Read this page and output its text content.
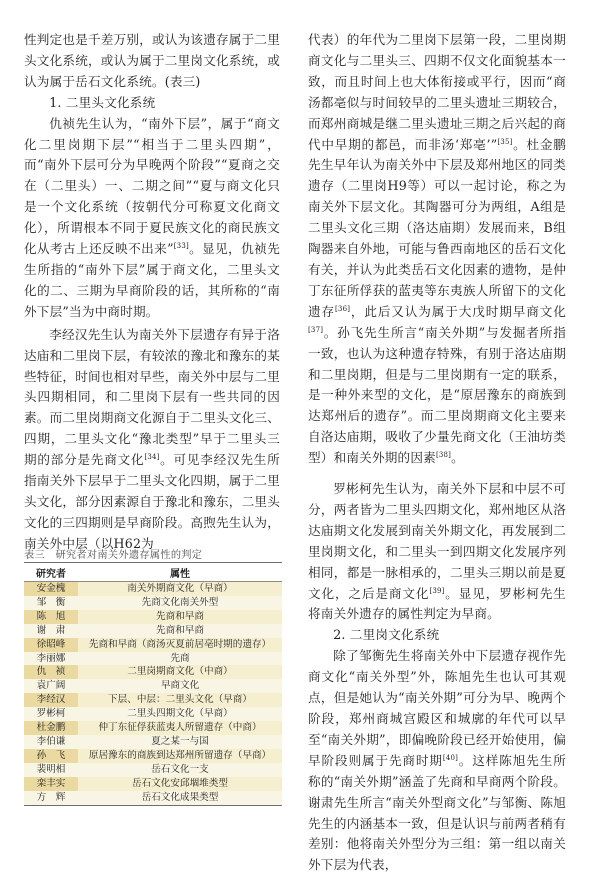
性判定也是千差万别，或认为该遗存属于二里头文化系统，或认为属于二里岗文化系统，或认为属于岳石文化系统。(表三)

1. 二里头文化系统

仇祯先生认为，“南外下层”，属于“商文化二里岗期下层”“相当于二里头四期”，而“南外下层可分为早晚两个阶段”“夏商之交在（二里头）一、二期之间”“夏与商文化只是一个文化系统（按朝代分可称夏文化商文化），所谓根本不同于夏民族文化的商民族文化从考古上还反映不出来”[33]。显见，仇祯先生所指的“南外下层”属于商文化，二里头文化的二、三期为早商阶段的话，其所称的“南外下层”当为中商时期。

李经汉先生认为南关外下层遗存有异于洛达庙和二里岗下层，有较浓的豫北和豫东的某些特征，时间也相对早些，南关外中层与二里头四期相同，和二里岗下层有一些共同的因素。而二里岗期商文化源自于二里头文化三、四期，二里头文化“豫北类型”早于二里头三期的部分是先商文化[34]。可见李经汉先生所指南关外下层早于二里头文化四期，属于二里头文化，部分因素源自于豫北和豫东，二里头文化的三四期则是早商阶段。高煦先生认为，南关外中层（以H62为

表三　研究者对南关外遗存属性的判定
研究者	属性
安金槐	南关外期商文化（早商）
邹　衡	先商文化南关外型
陈　旭	先商和早商
谢　肃	先商和早商
徐昭峰	先商和早商（商汤灭夏前居亳时期的遗存）
李丽娜	先商
仇　祯	二里岗期商文化（中商）
袁广阔	早商文化
李经汉	下层、中层：二里头文化（早商）
罗彬柯	二里头四期文化（早商）
杜金鹏	仲丁东征俘获蓝夷人所留遗存（中商）
李伯谦	夏之某一与国
孙　飞	原居豫东的商族到达郑州所留遗存（早商）
裴明相	岳石文化一支
栾丰实	岳石文化安邱堌堆类型
方　辉	岳石文化成果类型

代表）的年代为二里岗下层第一段，二里岗期商文化与二里头三、四期不仅文化面貌基本一致，而且时间上也大体衔接或平行，因而“商汤都亳似与时间较早的二里头遗址三期较合，而郑州商城是继二里头遗址三期之后兴起的商代中早期的都邑，而非汤‘郑亳’”[35]。杜金鹏先生早年认为南关外中下层及郑州地区的同类遗存（二里岗H9等）可以一起讨论，称之为南关外下层文化。其陶器可分为两组，A组是二里头文化三期（洛达庙期）发展而来，B组陶器来自外地，可能与鲁西南地区的岳石文化有关，并认为此类岳石文化因素的遗物，是仲丁东征所俘获的蓝夷等东夷族人所留下的文化遗存[36]，此后又认为属于大戊时期早商文化[37]。孙飞先生所言“南关外期”与发掘者所指一致，也认为这种遗存特殊，有别于洛达庙期和二里岗期，但是与二里岗期有一定的联系，是一种外来型的文化，是“原居豫东的商族到达郑州后的遗存”。而二里岗期商文化主要来自洛达庙期，吸收了少量先商文化（王油坊类型）和南关外期的因素[38]。

罗彬柯先生认为，南关外下层和中层不可分，两者皆为二里头四期文化，郑州地区从洛达庙期文化发展到南关外期文化，再发展到二里岗期文化，和二里头一到四期文化发展序列相同，都是一脉相承的，二里头三期以前是夏文化，之后是商文化[39]。显见，罗彬柯先生将南关外遗存的属性判定为早商。

2. 二里岗文化系统

除了邹衡先生将南关外中下层遗存视作先商文化“南关外型”外，陈旭先生也认可其观点，但是她认为“南关外期”可分为早、晚两个阶段，郑州商城宫殿区和城廓的年代可以早至“南关外期”，即偏晚阶段已经开始使用，偏早阶段则属于先商时期[40]。这样陈旭先生所称的“南关外期”涵盖了先商和早商两个阶段。谢肃先生所言“南关外型商文化”与邹衡、陈旭先生的内涵基本一致，但是认识与前两者稍有差别：他将南关外型分为三组：第一组以南关外下层为代表，
